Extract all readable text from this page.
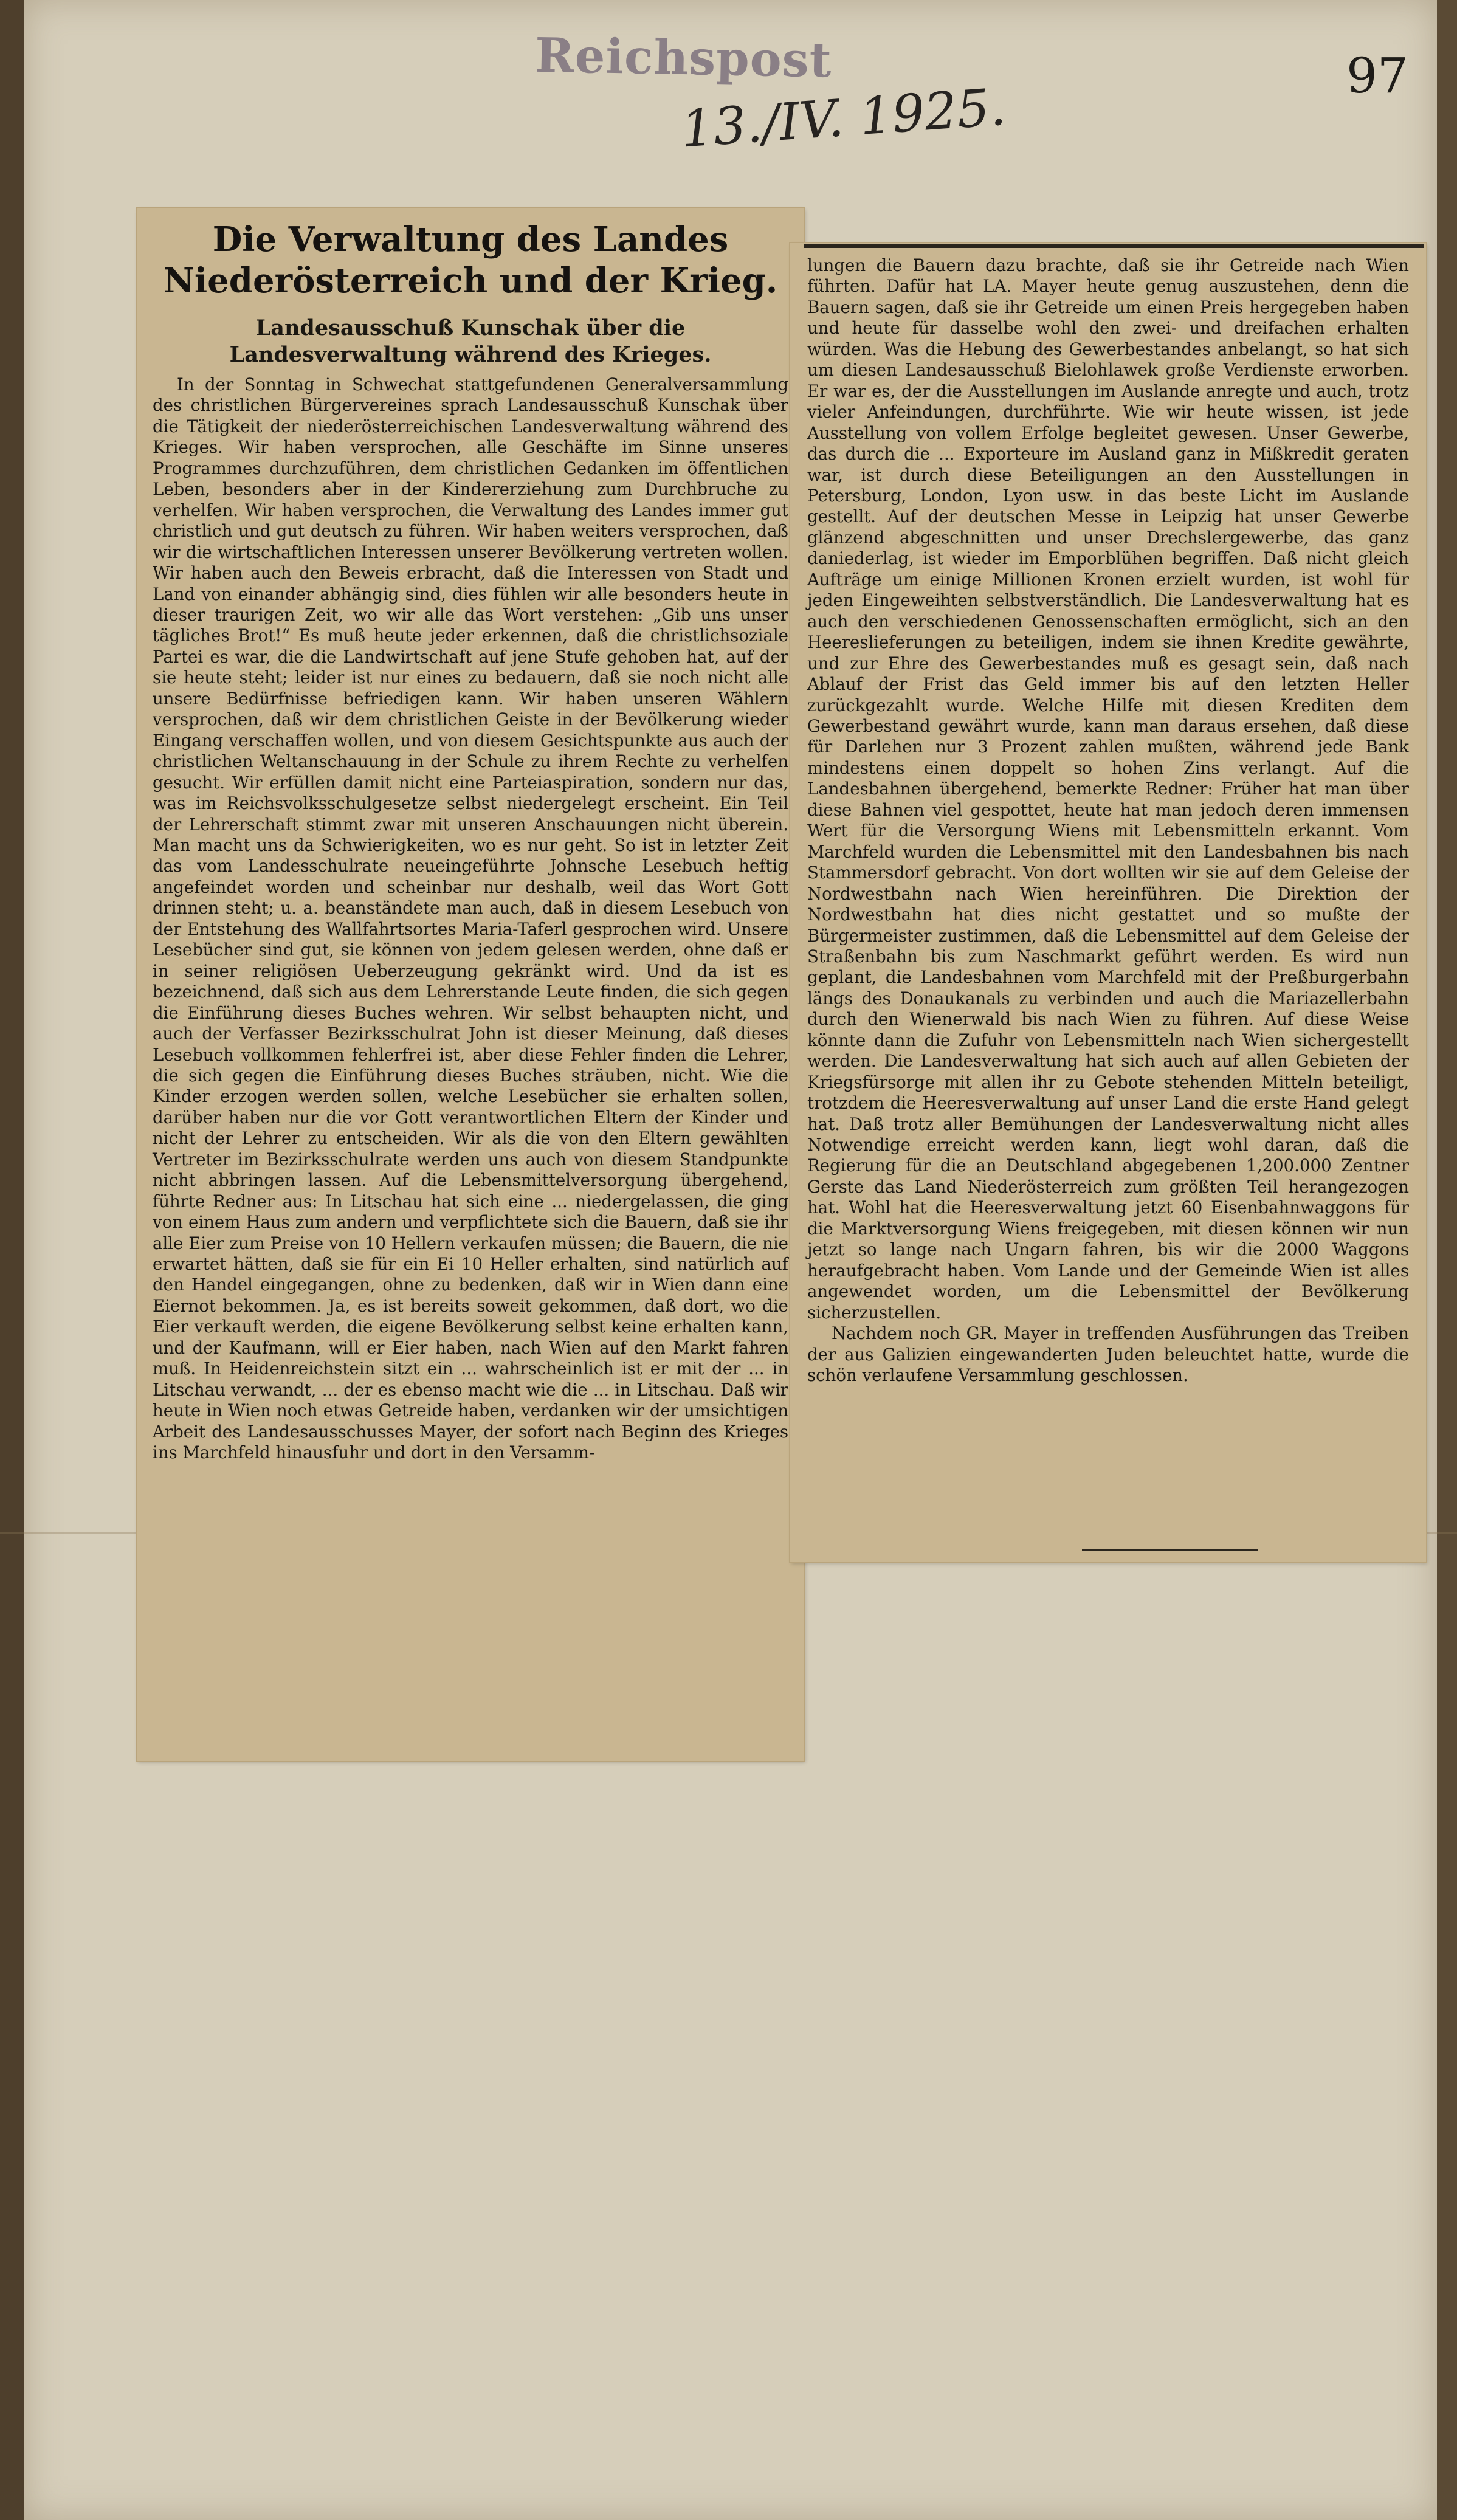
Reichspost
13./IV. 1925.
97
Die Verwaltung des Landes Niederösterreich und der Krieg.
Landesausschuß Kunschak über die Landesverwaltung während des Krieges.
In der Sonntag in Schwechat stattgefundenen Generalversammlung des christlichen Bürgervereines sprach Landesausschuß Kunschak über die Tätigkeit der niederösterreichischen Landesverwaltung während des Krieges. Wir haben versprochen, alle Geschäfte im Sinne unseres Programmes durchzuführen, dem christlichen Gedanken im öffentlichen Leben, besonders aber in der Kindererziehung zum Durchbruche zu verhelfen. Wir haben versprochen, die Verwaltung des Landes immer gut christlich und gut deutsch zu führen. Wir haben weiters versprochen, daß wir die wirtschaftlichen Interessen unserer Bevölkerung vertreten wollen. Wir haben auch den Beweis erbracht, daß die Interessen von Stadt und Land von einander abhängig sind, dies fühlen wir alle besonders heute in dieser traurigen Zeit, wo wir alle das Wort verstehen: „Gib uns unser tägliches Brot!“ Es muß heute jeder erkennen, daß die christlichsoziale Partei es war, die die Landwirtschaft auf jene Stufe gehoben hat, auf der sie heute steht; leider ist nur eines zu bedauern, daß sie noch nicht alle unsere Bedürfnisse befriedigen kann. Wir haben unseren Wählern versprochen, daß wir dem christlichen Geiste in der Bevölkerung wieder Eingang verschaffen wollen, und von diesem Gesichtspunkte aus auch der christlichen Weltanschauung in der Schule zu ihrem Rechte zu verhelfen gesucht. Wir erfüllen damit nicht eine Parteiaspiration, sondern nur das, was im Reichsvolksschulgesetze selbst niedergelegt erscheint. Ein Teil der Lehrerschaft stimmt zwar mit unseren Anschauungen nicht überein. Man macht uns da Schwierigkeiten, wo es nur geht. So ist in letzter Zeit das vom Landesschulrate neueingeführte Johnsche Lesebuch heftig angefeindet worden und scheinbar nur deshalb, weil das Wort Gott drinnen steht; u. a. beanständete man auch, daß in diesem Lesebuch von der Entstehung des Wallfahrtsortes Maria-Taferl gesprochen wird. Unsere Lesebücher sind gut, sie können von jedem gelesen werden, ohne daß er in seiner religiösen Ueberzeugung gekränkt wird. Und da ist es bezeichnend, daß sich aus dem Lehrerstande Leute finden, die sich gegen die Einführung dieses Buches wehren. Wir selbst behaupten nicht, und auch der Verfasser Bezirksschulrat John ist dieser Meinung, daß dieses Lesebuch vollkommen fehlerfrei ist, aber diese Fehler finden die Lehrer, die sich gegen die Einführung dieses Buches sträuben, nicht. Wie die Kinder erzogen werden sollen, welche Lesebücher sie erhalten sollen, darüber haben nur die vor Gott verantwortlichen Eltern der Kinder und nicht der Lehrer zu entscheiden. Wir als die von den Eltern gewählten Vertreter im Bezirksschulrate werden uns auch von diesem Standpunkte nicht abbringen lassen. Auf die Lebensmittelversorgung übergehend, führte Redner aus: In Litschau hat sich eine ... niedergelassen, die ging von einem Haus zum andern und verpflichtete sich die Bauern, daß sie ihr alle Eier zum Preise von 10 Hellern verkaufen müssen; die Bauern, die nie erwartet hätten, daß sie für ein Ei 10 Heller erhalten, sind natürlich auf den Handel eingegangen, ohne zu bedenken, daß wir in Wien dann eine Eiernot bekommen. Ja, es ist bereits soweit gekommen, daß dort, wo die Eier verkauft werden, die eigene Bevölkerung selbst keine erhalten kann, und der Kaufmann, will er Eier haben, nach Wien auf den Markt fahren muß. In Heidenreichstein sitzt ein ... wahrscheinlich ist er mit der ... in Litschau verwandt, ... der es ebenso macht wie die ... in Litschau. Daß wir heute in Wien noch etwas Getreide haben, verdanken wir der umsichtigen Arbeit des Landesausschusses Mayer, der sofort nach Beginn des Krieges ins Marchfeld hinausfuhr und dort in den Versamm-
lungen die Bauern dazu brachte, daß sie ihr Getreide nach Wien führten. Dafür hat LA. Mayer heute genug auszustehen, denn die Bauern sagen, daß sie ihr Getreide um einen Preis hergegeben haben und heute für dasselbe wohl den zwei- und dreifachen erhalten würden. Was die Hebung des Gewerbestandes anbelangt, so hat sich um diesen Landesausschuß Bielohlawek große Verdienste erworben. Er war es, der die Ausstellungen im Auslande anregte und auch, trotz vieler Anfeindungen, durchführte. Wie wir heute wissen, ist jede Ausstellung von vollem Erfolge begleitet gewesen. Unser Gewerbe, das durch die ... Exporteure im Ausland ganz in Mißkredit geraten war, ist durch diese Beteiligungen an den Ausstellungen in Petersburg, London, Lyon usw. in das beste Licht im Auslande gestellt. Auf der deutschen Messe in Leipzig hat unser Gewerbe glänzend abgeschnitten und unser Drechslergewerbe, das ganz daniederlag, ist wieder im Emporblühen begriffen. Daß nicht gleich Aufträge um einige Millionen Kronen erzielt wurden, ist wohl für jeden Eingeweihten selbstverständlich. Die Landesverwaltung hat es auch den verschiedenen Genossenschaften ermöglicht, sich an den Heereslieferungen zu beteiligen, indem sie ihnen Kredite gewährte, und zur Ehre des Gewerbestandes muß es gesagt sein, daß nach Ablauf der Frist das Geld immer bis auf den letzten Heller zurückgezahlt wurde. Welche Hilfe mit diesen Krediten dem Gewerbestand gewährt wurde, kann man daraus ersehen, daß diese für Darlehen nur 3 Prozent zahlen mußten, während jede Bank mindestens einen doppelt so hohen Zins verlangt. Auf die Landesbahnen übergehend, bemerkte Redner: Früher hat man über diese Bahnen viel gespottet, heute hat man jedoch deren immensen Wert für die Versorgung Wiens mit Lebensmitteln erkannt. Vom Marchfeld wurden die Lebensmittel mit den Landesbahnen bis nach Stammersdorf gebracht. Von dort wollten wir sie auf dem Geleise der Nordwestbahn nach Wien hereinführen. Die Direktion der Nordwestbahn hat dies nicht gestattet und so mußte der Bürgermeister zustimmen, daß die Lebensmittel auf dem Geleise der Straßenbahn bis zum Naschmarkt geführt werden. Es wird nun geplant, die Landesbahnen vom Marchfeld mit der Preßburgerbahn längs des Donaukanals zu verbinden und auch die Mariazellerbahn durch den Wienerwald bis nach Wien zu führen. Auf diese Weise könnte dann die Zufuhr von Lebensmitteln nach Wien sichergestellt werden. Die Landesverwaltung hat sich auch auf allen Gebieten der Kriegsfürsorge mit allen ihr zu Gebote stehenden Mitteln beteiligt, trotzdem die Heeresverwaltung auf unser Land die erste Hand gelegt hat. Daß trotz aller Bemühungen der Landesverwaltung nicht alles Notwendige erreicht werden kann, liegt wohl daran, daß die Regierung für die an Deutschland abgegebenen 1,200.000 Zentner Gerste das Land Niederösterreich zum größten Teil herangezogen hat. Wohl hat die Heeresverwaltung jetzt 60 Eisenbahnwaggons für die Marktversorgung Wiens freigegeben, mit diesen können wir nun jetzt so lange nach Ungarn fahren, bis wir die 2000 Waggons heraufgebracht haben. Vom Lande und der Gemeinde Wien ist alles angewendet worden, um die Lebensmittel der Bevölkerung sicherzustellen.
Nachdem noch GR. Mayer in treffenden Ausführungen das Treiben der aus Galizien eingewanderten Juden beleuchtet hatte, wurde die schön verlaufene Versammlung geschlossen.
